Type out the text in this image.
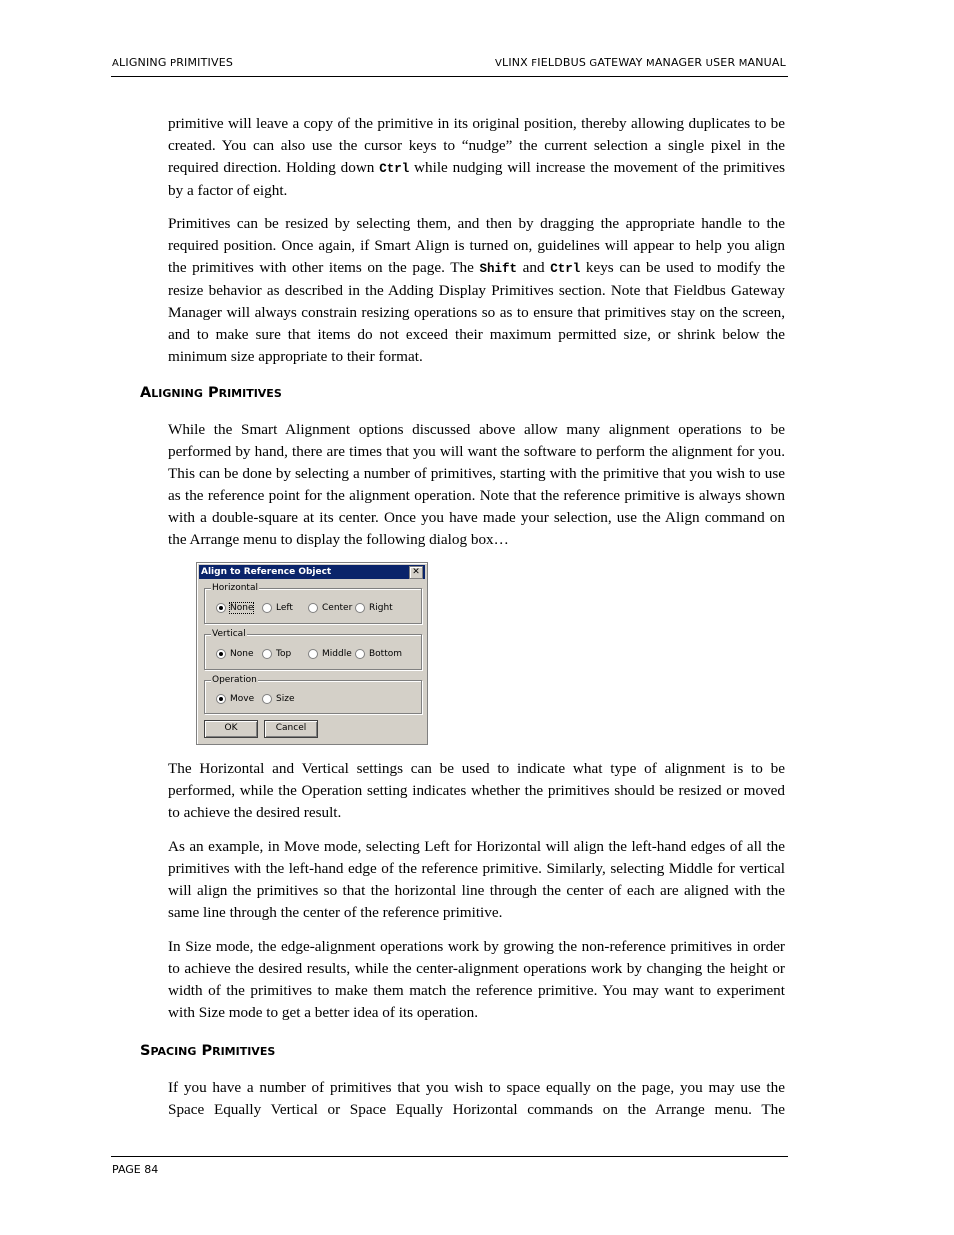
ALIGNING PRIMITIVES	VLINX FIELDBUS GATEWAY MANAGER USER MANUAL

primitive will leave a copy of the primitive in its original position, thereby allowing duplicates to be created. You can also use the cursor keys to “nudge” the current selection a single pixel in the required direction. Holding down Ctrl while nudging will increase the movement of the primitives by a factor of eight.

Primitives can be resized by selecting them, and then by dragging the appropriate handle to the required position. Once again, if Smart Align is turned on, guidelines will appear to help you align the primitives with other items on the page. The Shift and Ctrl keys can be used to modify the resize behavior as described in the Adding Display Primitives section. Note that Fieldbus Gateway Manager will always constrain resizing operations so as to ensure that primitives stay on the screen, and to make sure that items do not exceed their maximum permitted size, or shrink below the minimum size appropriate to their format.

ALIGNING PRIMITIVES

While the Smart Alignment options discussed above allow many alignment operations to be performed by hand, there are times that you will want the software to perform the alignment for you. This can be done by selecting a number of primitives, starting with the primitive that you wish to use as the reference point for the alignment operation. Note that the reference primitive is always shown with a double-square at its center. Once you have made your selection, use the Align command on the Arrange menu to display the following dialog box…

Align to Reference Object	✕
Horizontal
None	Left	Center Right
Vertical
None	Top	Middle Bottom
Operation
Move Size
OK	Cancel

The Horizontal and Vertical settings can be used to indicate what type of alignment is to be performed, while the Operation setting indicates whether the primitives should be resized or moved to achieve the desired result.

As an example, in Move mode, selecting Left for Horizontal will align the left-hand edges of all the primitives with the left-hand edge of the reference primitive. Similarly, selecting Middle for vertical will align the primitives so that the horizontal line through the center of each are aligned with the same line through the center of the reference primitive.

In Size mode, the edge-alignment operations work by growing the non-reference primitives in order to achieve the desired results, while the center-alignment operations work by changing the height or width of the primitives to make them match the reference primitive. You may want to experiment with Size mode to get a better idea of its operation.

SPACING PRIMITIVES

If you have a number of primitives that you wish to space equally on the page, you may use the Space Equally Vertical or Space Equally Horizontal commands on the Arrange menu. The

PAGE 84
